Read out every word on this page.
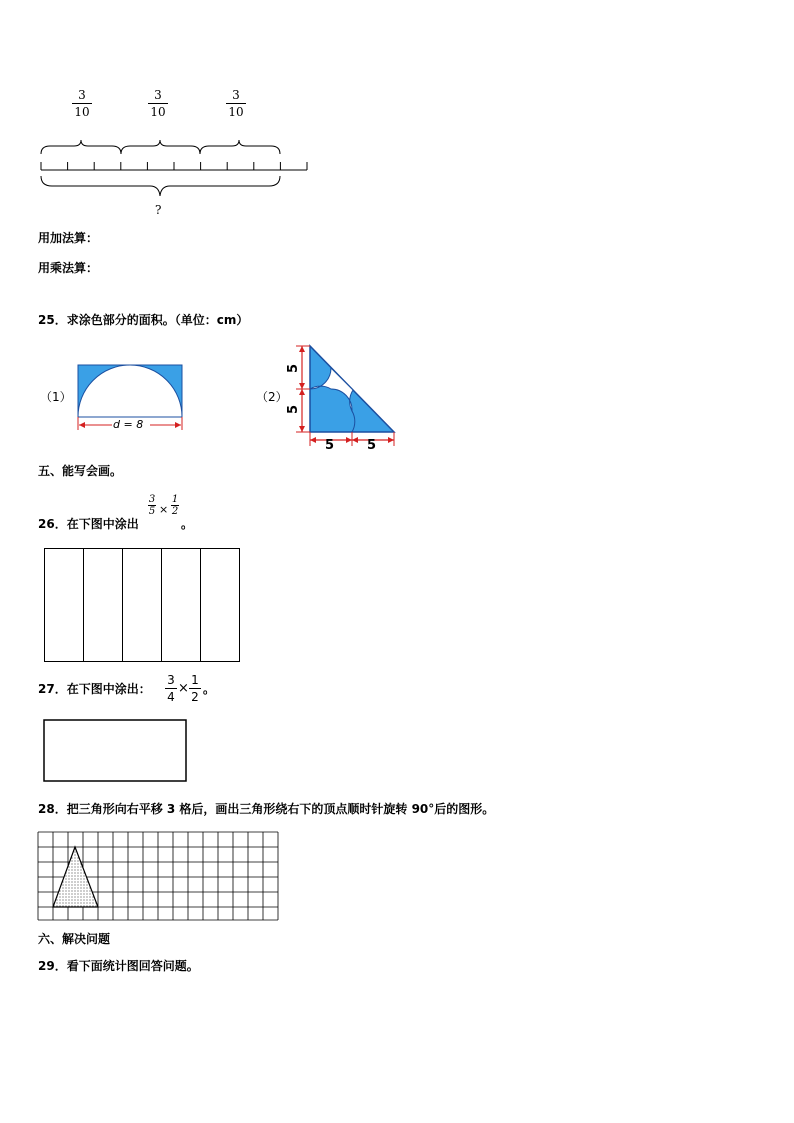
3
10
3
10
3
10
?
用加法算：
用乘法算：
25．求涂色部分的面积。（单位：cm）
（1）
d = 8
（2）
5
5
5	5
五、能写会画。
26．在下图中涂出
3
5 ×
1
2
。
27．在下图中涂出：
3
4
×
1
2
。
28．把三角形向右平移 3 格后，画出三角形绕右下的顶点顺时针旋转 90°后的图形。
六、解决问题
29．看下面统计图回答问题。
